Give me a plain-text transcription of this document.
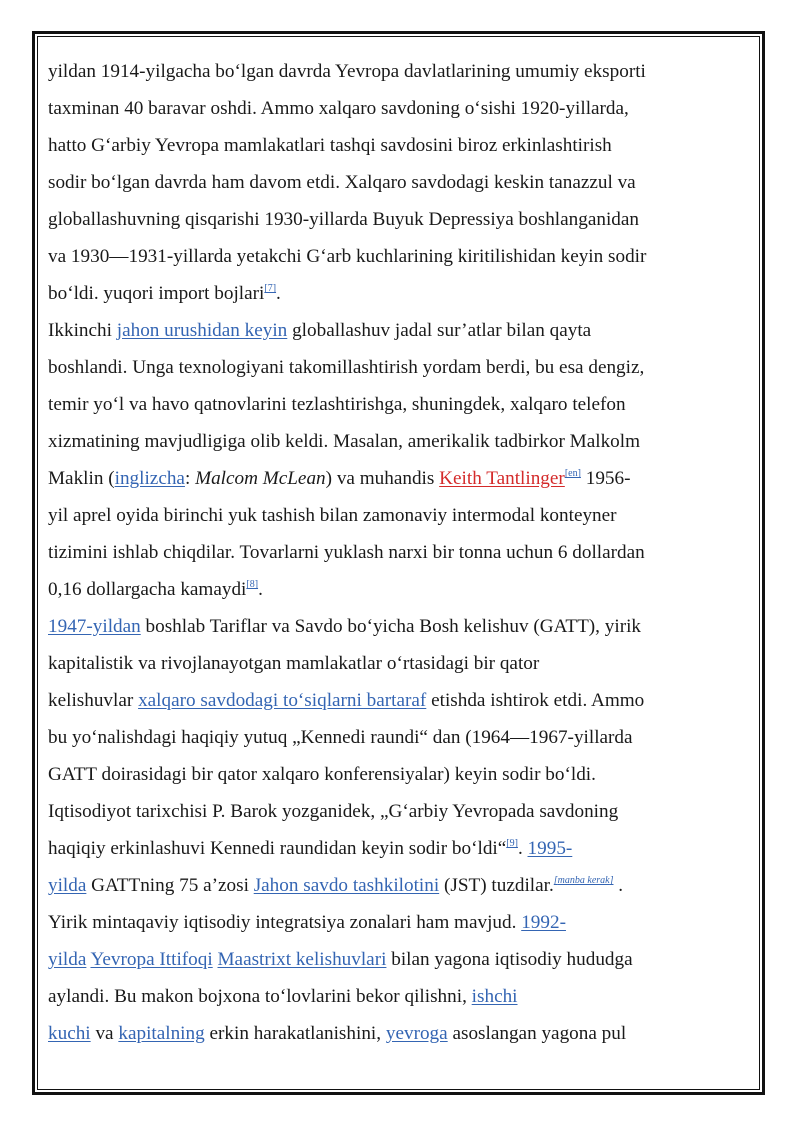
yildan 1914-yilgacha bo‘lgan davrda Yevropa davlatlarining umumiy eksporti
taxminan 40 baravar oshdi. Ammo xalqaro savdoning o‘sishi 1920-yillarda,
hatto G‘arbiy Yevropa mamlakatlari tashqi savdosini biroz erkinlashtirish
sodir bo‘lgan davrda ham davom etdi. Xalqaro savdodagi keskin tanazzul va
globallashuvning qisqarishi 1930-yillarda Buyuk Depressiya boshlanganidan
va 1930—1931-yillarda yetakchi G‘arb kuchlarining kiritilishidan keyin sodir
bo‘ldi. yuqori import bojlari[7].

Ikkinchi jahon urushidan keyin globallashuv jadal sur’atlar bilan qayta
boshlandi. Unga texnologiyani takomillashtirish yordam berdi, bu esa dengiz,
temir yo‘l va havo qatnovlarini tezlashtirishga, shuningdek, xalqaro telefon
xizmatining mavjudligiga olib keldi. Masalan, amerikalik tadbirkor Malkolm
Maklin (inglizcha: Malcom McLean) va muhandis Keith Tantlinger[en] 1956-
yil aprel oyida birinchi yuk tashish bilan zamonaviy intermodal konteyner
tizimini ishlab chiqdilar. Tovarlarni yuklash narxi bir tonna uchun 6 dollardan
0,16 dollargacha kamaydi[8].

1947-yildan boshlab Tariflar va Savdo bo‘yicha Bosh kelishuv (GATT), yirik
kapitalistik va rivojlanayotgan mamlakatlar o‘rtasidagi bir qator
kelishuvlar xalqaro savdodagi to‘siqlarni bartaraf etishda ishtirok etdi. Ammo
bu yo‘nalishdagi haqiqiy yutuq „Kennedi raundi“ dan (1964—1967-yillarda
GATT doirasidagi bir qator xalqaro konferensiyalar) keyin sodir bo‘ldi.
Iqtisodiyot tarixchisi P. Barok yozganidek, „G‘arbiy Yevropada savdoning
haqiqiy erkinlashuvi Kennedi raundidan keyin sodir bo‘ldi“[9]. 1995-
yilda GATTning 75 a’zosi Jahon savdo tashkilotini (JST) tuzdilar.[manba kerak] .

Yirik mintaqaviy iqtisodiy integratsiya zonalari ham mavjud. 1992-
yilda Yevropa Ittifoqi Maastrixt kelishuvlari bilan yagona iqtisodiy hududga
aylandi. Bu makon bojxona to‘lovlarini bekor qilishni, ishchi
kuchi va kapitalning erkin harakatlanishini, yevroga asoslangan yagona pul
